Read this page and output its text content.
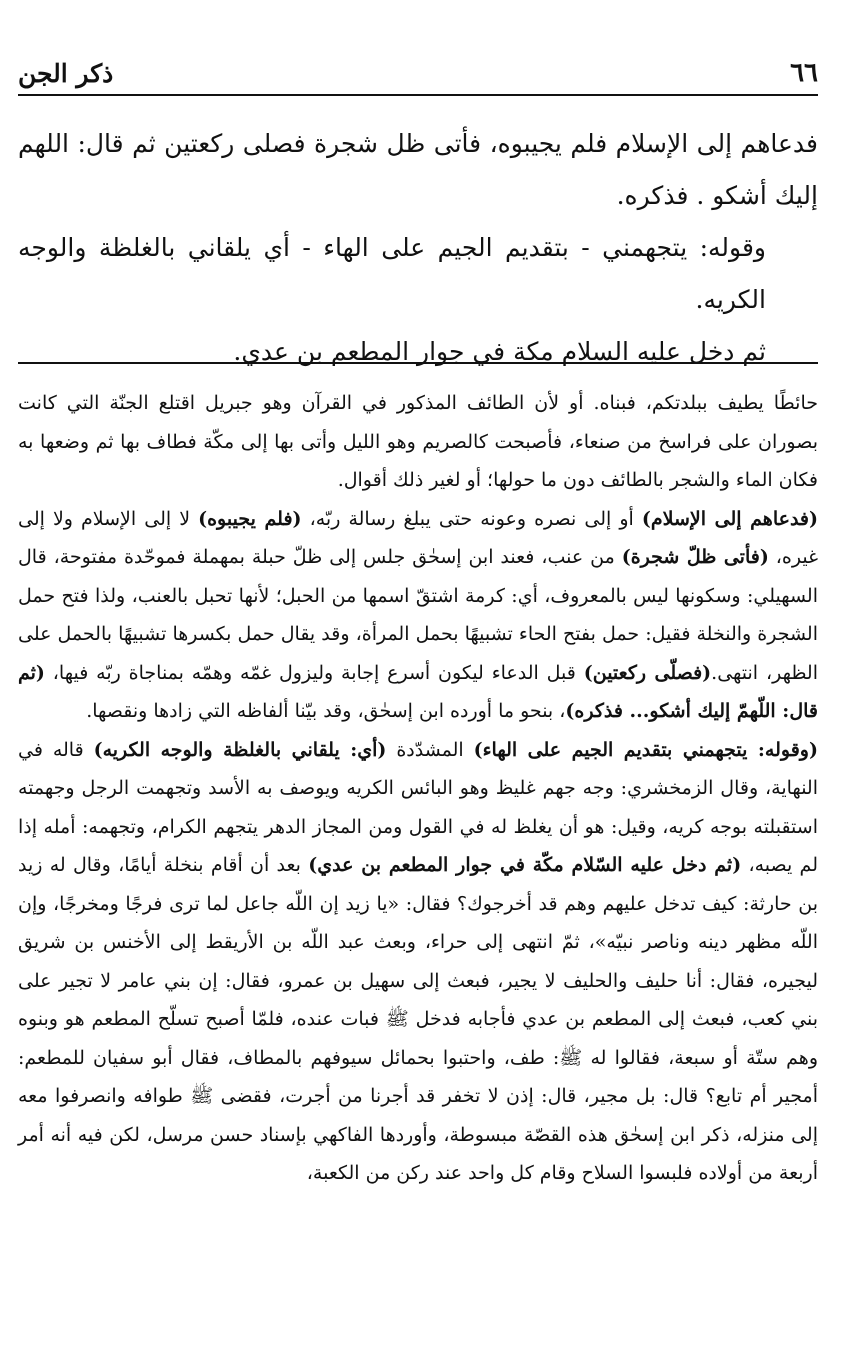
٦٦
ذكر الجن

فدعاهم إلى الإسلام فلم يجيبوه، فأتى ظل شجرة فصلى ركعتين ثم قال: اللهم إليك أشكو . فذكره.

وقوله: يتجهمني - بتقديم الجيم على الهاء - أي يلقاني بالغلظة والوجه الكريه.

ثم دخل عليه السلام مكة في جوار المطعم بن عدي.

حائطًا يطيف ببلدتكم، فبناه. أو لأن الطائف المذكور في القرآن وهو جبريل اقتلع الجنّة التي كانت بصوران على فراسخ من صنعاء، فأصبحت كالصريم وهو الليل وأتى بها إلى مكّة فطاف بها ثم وضعها به فكان الماء والشجر بالطائف دون ما حولها؛ أو لغير ذلك أقوال.

(فدعاهم إلى الإسلام) أو إلى نصره وعونه حتى يبلغ رسالة ربّه، (فلم يجيبوه) لا إلى الإسلام ولا إلى غيره، (فأتى ظلّ شجرة) من عنب، فعند ابن إسحٰق جلس إلى ظلّ حبلة بمهملة فموحّدة مفتوحة، قال السهيلي: وسكونها ليس بالمعروف، أي: كرمة اشتقّ اسمها من الحبل؛ لأنها تحبل بالعنب، ولذا فتح حمل الشجرة والنخلة فقيل: حمل بفتح الحاء تشبيهًا بحمل المرأة، وقد يقال حمل بكسرها تشبيهًا بالحمل على الظهر، انتهى.(فصلّى ركعتين) قبل الدعاء ليكون أسرع إجابة وليزول غمّه وهمّه بمناجاة ربّه فيها، (ثم قال: اللّهمّ إليك أشكو... فذكره)، بنحو ما أورده ابن إسحٰق، وقد بيّنا ألفاظه التي زادها ونقصها.

(وقوله: يتجهمني بتقديم الجيم على الهاء) المشدّدة (أي: يلقاني بالغلظة والوجه الكريه) قاله في النهاية، وقال الزمخشري: وجه جهم غليظ وهو البائس الكريه ويوصف به الأسد وتجهمت الرجل وجهمته استقبلته بوجه كريه، وقيل: هو أن يغلظ له في القول ومن المجاز الدهر يتجهم الكرام، وتجهمه: أمله إذا لم يصبه، (ثم دخل عليه السّلام مكّة في جوار المطعم بن عدي) بعد أن أقام بنخلة أيامًا، وقال له زيد بن حارثة: كيف تدخل عليهم وهم قد أخرجوك؟ فقال: «يا زيد إن اللّه جاعل لما ترى فرجًا ومخرجًا، وإن اللّه مظهر دينه وناصر نبيّه»، ثمّ انتهى إلى حراء، وبعث عبد اللّه بن الأريقط إلى الأخنس بن شريق ليجيره، فقال: أنا حليف والحليف لا يجير، فبعث إلى سهيل بن عمرو، فقال: إن بني عامر لا تجير على بني كعب، فبعث إلى المطعم بن عدي فأجابه فدخل ﷺ فبات عنده، فلمّا أصبح تسلّح المطعم هو وبنوه وهم ستّة أو سبعة، فقالوا له ﷺ: طف، واحتبوا بحمائل سيوفهم بالمطاف، فقال أبو سفيان للمطعم: أمجير أم تابع؟ قال: بل مجير، قال: إذن لا تخفر قد أجرنا من أجرت، فقضى ﷺ طوافه وانصرفوا معه إلى منزله، ذكر ابن إسحٰق هذه القصّة مبسوطة، وأوردها الفاكهي بإسناد حسن مرسل، لكن فيه أنه أمر أربعة من أولاده فلبسوا السلاح وقام كل واحد عند ركن من الكعبة،
